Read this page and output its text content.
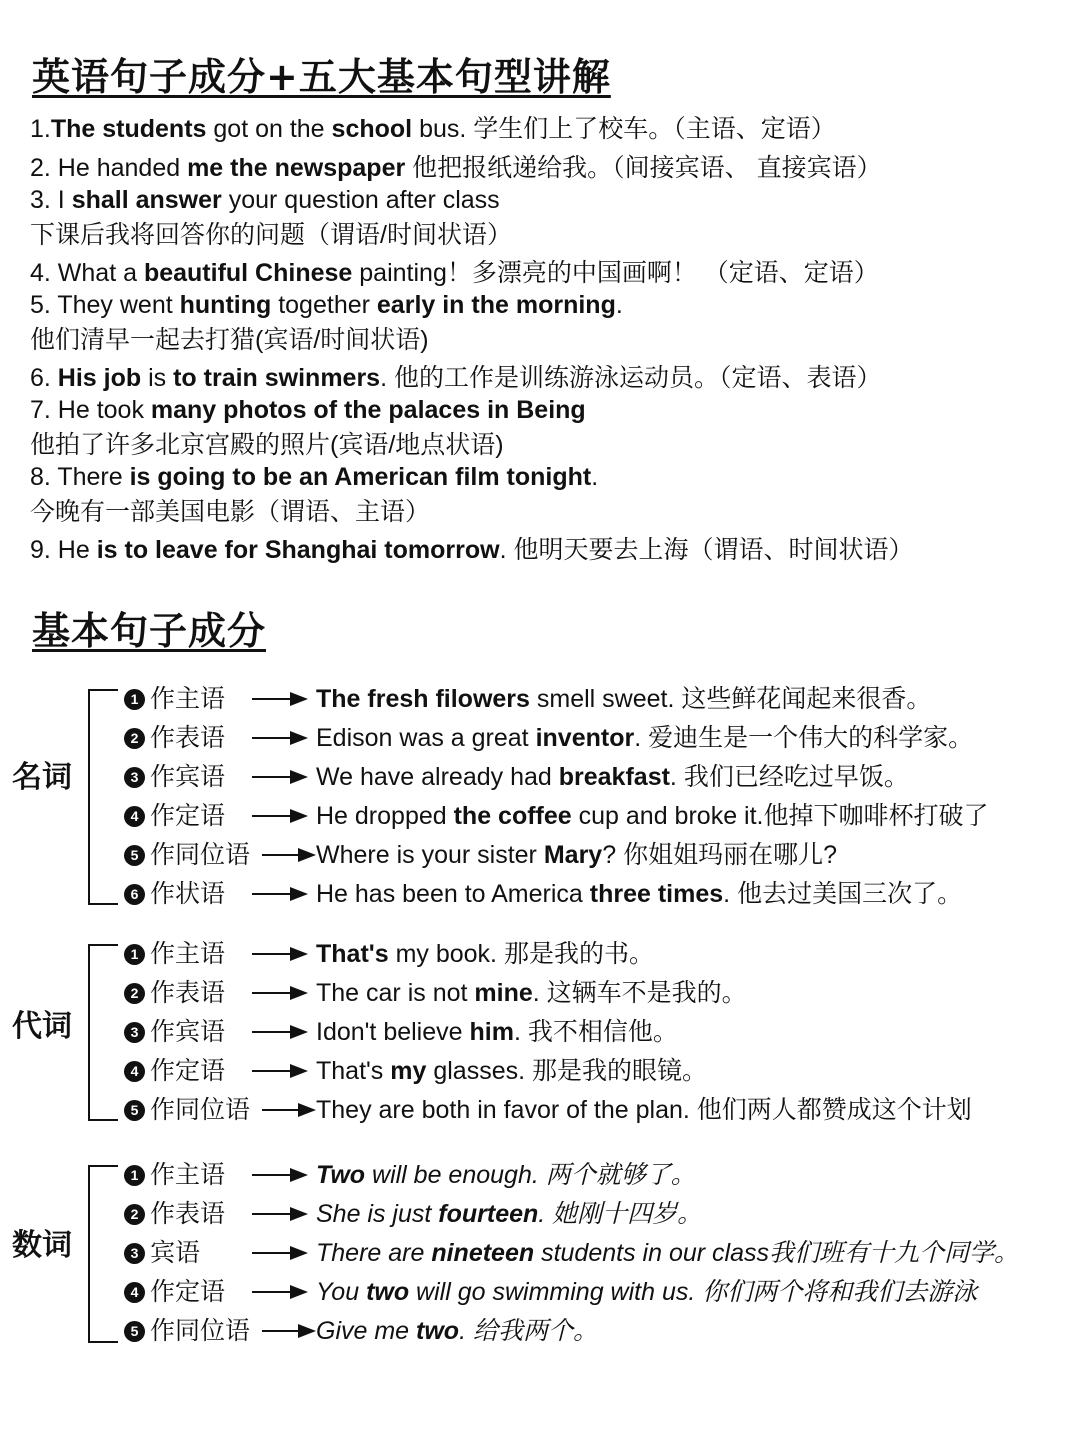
英语句子成分+五大基本句型讲解

1.The students got on the school bus. 学生们上了校车。（主语、定语）

2. He handed me the newspaper 他把报纸递给我。（间接宾语、 直接宾语）

3. I shall answer your question after class

下课后我将回答你的问题（谓语/时间状语）

4. What a beautiful Chinese painting！多漂亮的中国画啊！ （定语、定语）

5. They went hunting together early in the morning.

他们清早一起去打猎(宾语/时间状语)

6. His job is to train swinmers. 他的工作是训练游泳运动员。（定语、表语）

7. He took many photos of the palaces in Being

他拍了许多北京宫殿的照片(宾语/地点状语)

8. There is going to be an American film tonight.

今晚有一部美国电影（谓语、主语）

9. He is to leave for Shanghai tomorrow. 他明天要去上海（谓语、时间状语）

基本句子成分
名词
1 作主语	The fresh filowers smell sweet. 这些鲜花闻起来很香。
2 作表语	Edison was a great inventor. 爱迪生是一个伟大的科学家。
3 作宾语	We have already had breakfast. 我们已经吃过早饭。
4 作定语	He dropped the coffee cup and broke it.他掉下咖啡杯打破了
5 作同位语	Where is your sister Mary? 你姐姐玛丽在哪儿?
6 作状语	He has been to America three times. 他去过美国三次了。
代词
1 作主语	That's my book. 那是我的书。
2 作表语	The car is not mine. 这辆车不是我的。
3 作宾语	Idon't believe him. 我不相信他。
4 作定语	That's my glasses. 那是我的眼镜。
5 作同位语	They are both in favor of the plan. 他们两人都赞成这个计划
数词
1 作主语	Two will be enough. 两个就够了。
2 作表语	She is just fourteen. 她刚十四岁。
3 宾语	There are nineteen students in our class我们班有十九个同学。
4 作定语	You two will go swimming with us. 你们两个将和我们去游泳
5 作同位语	Give me two. 给我两个。
